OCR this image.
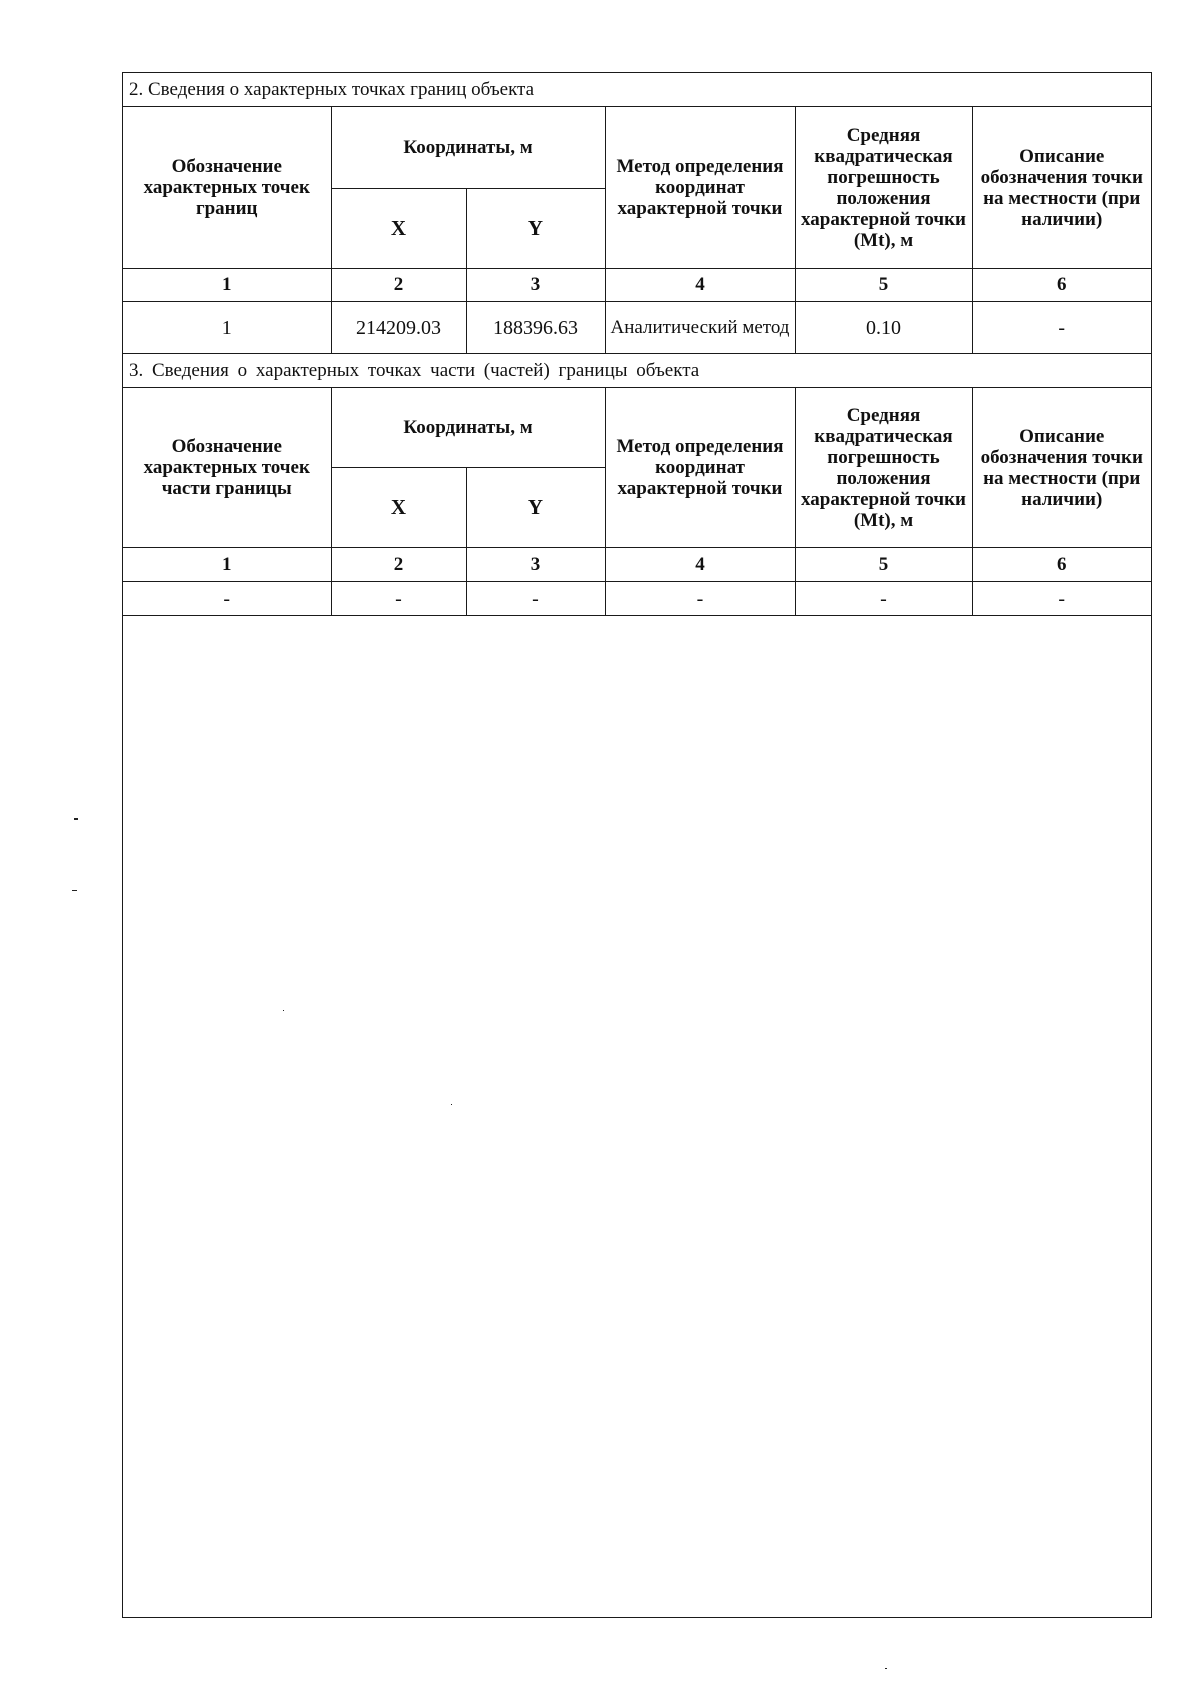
2. Сведения о характерных точках границ объекта					
Обозначение характерных точек границ	Координаты, м		Метод определения координат характерной точки	Средняя квадратическая погрешность положения характерной точки (Mt), м	Описание обозначения точки на местности (при наличии)
	X	Y			
1	2	3	4	5	6
1	214209.03	188396.63	Аналитический метод	0.10	-
3. Сведения о характерных точках части (частей) границы объекта					
Обозначение характерных точек части границы	Координаты, м		Метод определения координат характерной точки	Средняя квадратическая погрешность положения характерной точки (Mt), м	Описание обозначения точки на местности (при наличии)
	X	Y			
1	2	3	4	5	6
-	-	-	-	-	-
